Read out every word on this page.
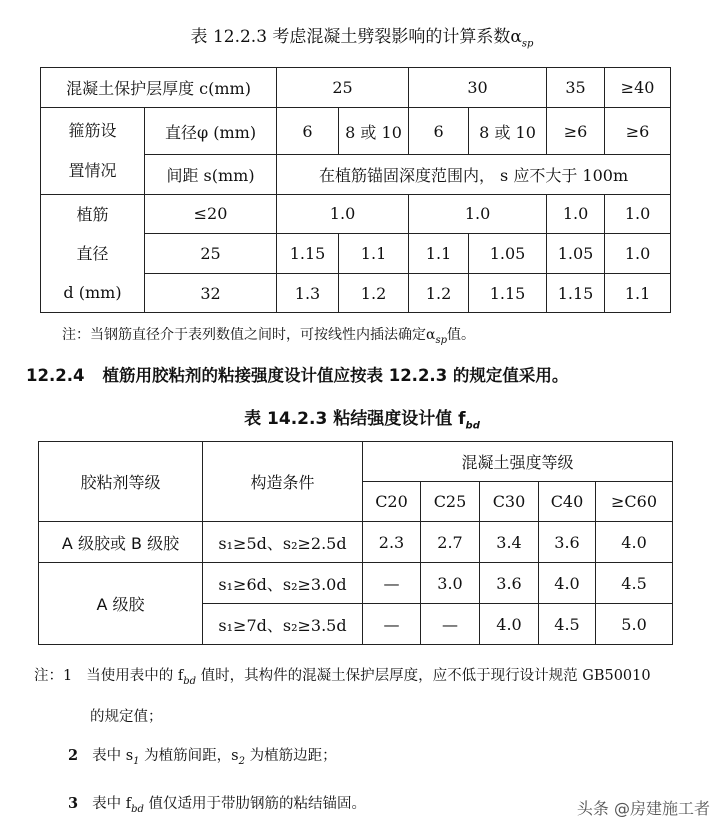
表 12.2.3 考虑混凝土劈裂影响的计算系数$\alpha_{sp}$
混凝土保护层厚度 c(mm)		25		30		35	≥40

箍筋设
置情况	直径φ (mm)	6	8 或 10	6	8 或 10	≥6	≥6
	间距 s(mm)	在植筋锚固深度范围内， s 应不大于 100m					

植筋
直径
d (mm)	≤20	1.0		1.0		1.0	1.0
	25	1.15	1.1	1.1	1.05	1.05	1.0
	32	1.3	1.2	1.2	1.15	1.15	1.1
注：当钢筋直径介于表列数值之间时，可按线性内插法确定$\alpha_{sp}$值。
12.2.4 植筋用胶粘剂的粘接强度设计值应按表 12.2.3 的规定值采用。
表 14.2.3 粘结强度设计值 $f_{bd}$
胶粘剂等级	构造条件	混凝土强度等级				
		C20	C25	C30	C40	≥C60
A 级胶或 B 级胶	s₁≥5d、s₂≥2.5d	2.3	2.7	3.4	3.6	4.0
A 级胶	s₁≥6d、s₂≥3.0d	—	3.0	3.6	4.0	4.5
	s₁≥7d、s₂≥3.5d	—	—	4.0	4.5	5.0
注：1 当使用表中的 $f_{bd}$ 值时，其构件的混凝土保护层厚度，应不低于现行设计规范 GB50010
的规定值；
2 表中 $s_1$ 为植筋间距，$s_2$ 为植筋边距；
3 表中 $f_{bd}$ 值仅适用于带肋钢筋的粘结锚固。	头条 @房建施工者
